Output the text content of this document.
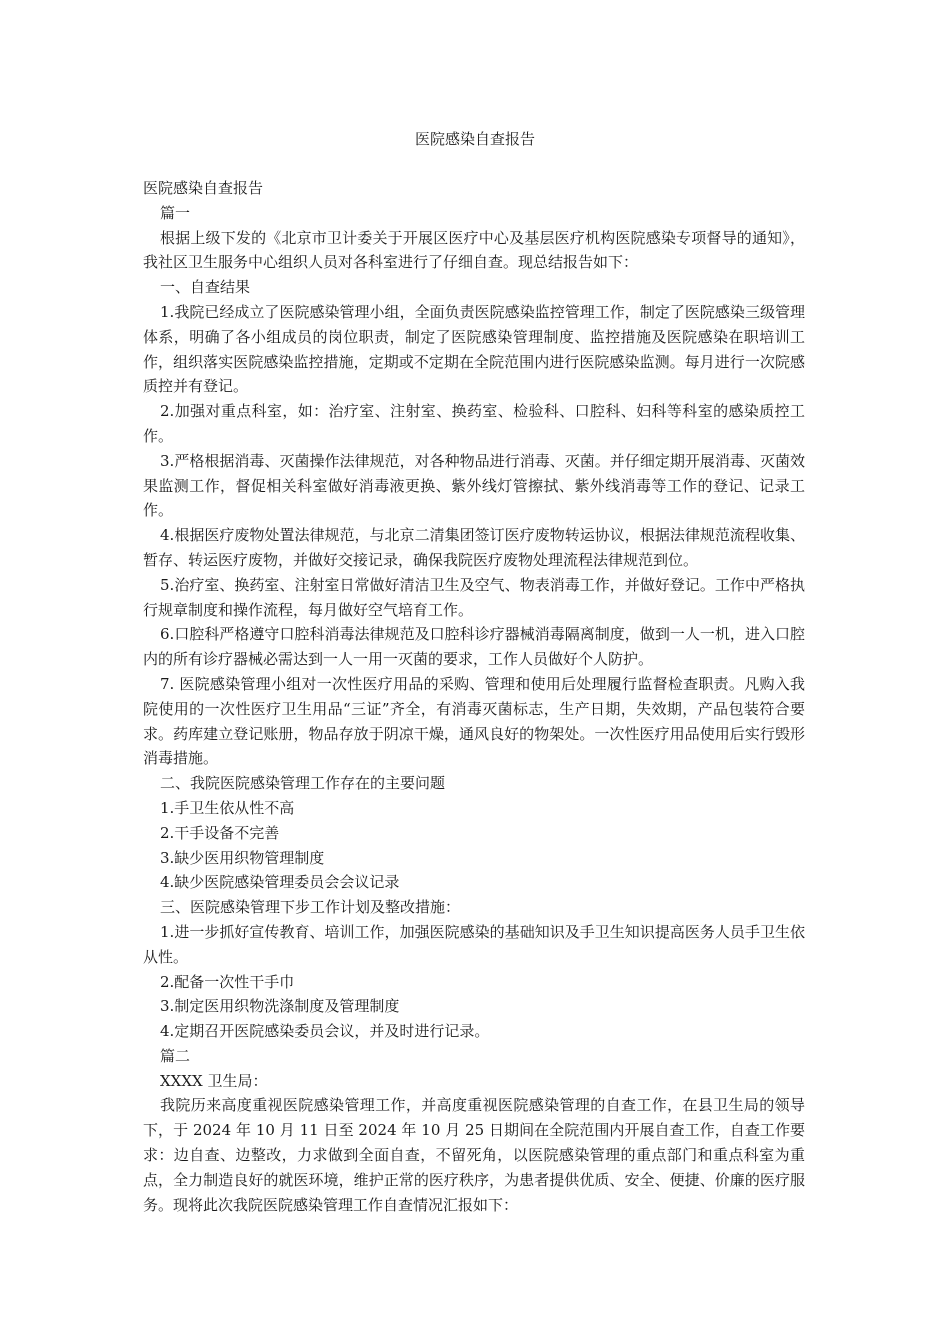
医院感染自查报告

医院感染自查报告

篇一

根据上级下发的《北京市卫计委关于开展区医疗中心及基层医疗机构医院感染专项督导的通知》，我社区卫生服务中心组织人员对各科室进行了仔细自查。现总结报告如下：

一、自查结果

1.我院已经成立了医院感染管理小组，全面负责医院感染监控管理工作，制定了医院感染三级管理体系，明确了各小组成员的岗位职责，制定了医院感染管理制度、监控措施及医院感染在职培训工作，组织落实医院感染监控措施，定期或不定期在全院范围内进行医院感染监测。每月进行一次院感质控并有登记。

2.加强对重点科室，如：治疗室、注射室、换药室、检验科、口腔科、妇科等科室的感染质控工作。

3.严格根据消毒、灭菌操作法律规范，对各种物品进行消毒、灭菌。并仔细定期开展消毒、灭菌效果监测工作，督促相关科室做好消毒液更换、紫外线灯管擦拭、紫外线消毒等工作的登记、记录工作。

4.根据医疗废物处置法律规范，与北京二清集团签订医疗废物转运协议，根据法律规范流程收集、暂存、转运医疗废物，并做好交接记录，确保我院医疗废物处理流程法律规范到位。

5.治疗室、换药室、注射室日常做好清洁卫生及空气、物表消毒工作，并做好登记。工作中严格执行规章制度和操作流程，每月做好空气培育工作。

6.口腔科严格遵守口腔科消毒法律规范及口腔科诊疗器械消毒隔离制度，做到一人一机，进入口腔内的所有诊疗器械必需达到一人一用一灭菌的要求，工作人员做好个人防护。

7. 医院感染管理小组对一次性医疗用品的采购、管理和使用后处理履行监督检查职责。凡购入我院使用的一次性医疗卫生用品“三证”齐全，有消毒灭菌标志，生产日期，失效期，产品包装符合要求。药库建立登记账册，物品存放于阴凉干燥，通风良好的物架处。一次性医疗用品使用后实行毁形消毒措施。

二、我院医院感染管理工作存在的主要问题

1.手卫生依从性不高

2.干手设备不完善

3.缺少医用织物管理制度

4.缺少医院感染管理委员会会议记录

三、医院感染管理下步工作计划及整改措施：

1.进一步抓好宣传教育、培训工作，加强医院感染的基础知识及手卫生知识提高医务人员手卫生依从性。

2.配备一次性干手巾

3.制定医用织物洗涤制度及管理制度

4.定期召开医院感染委员会议，并及时进行记录。

篇二

XXXX 卫生局：

我院历来高度重视医院感染管理工作，并高度重视医院感染管理的自查工作，在县卫生局的领导下，于 2024 年 10 月 11 日至 2024 年 10 月 25 日期间在全院范围内开展自查工作，自查工作要求：边自查、边整改，力求做到全面自查，不留死角，以医院感染管理的重点部门和重点科室为重点，全力制造良好的就医环境，维护正常的医疗秩序，为患者提供优质、安全、便捷、价廉的医疗服务。现将此次我院医院感染管理工作自查情况汇报如下：
